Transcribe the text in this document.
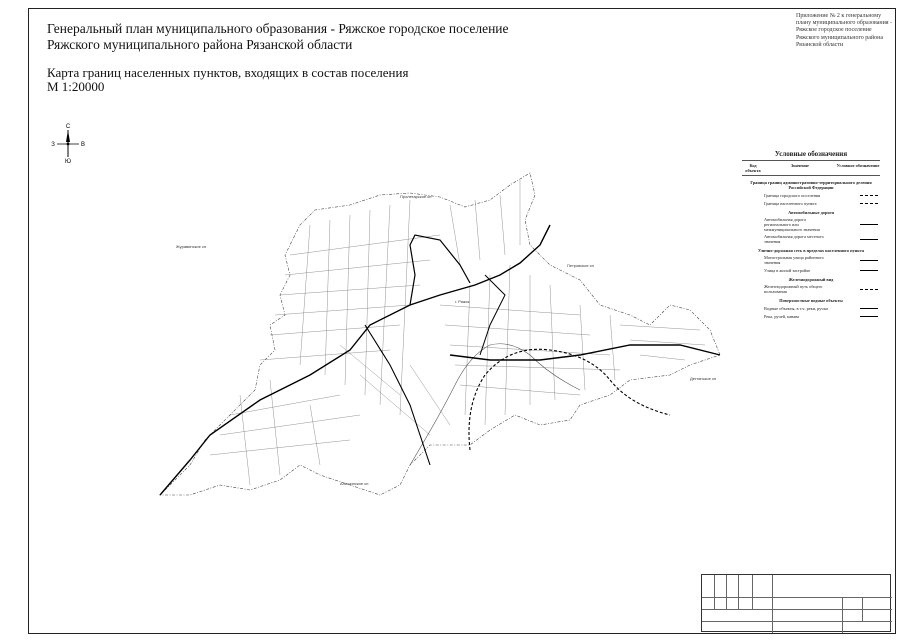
Генеральный план муниципального образования - Ряжское городское поселение
Ряжского муниципального района Рязанской области
Карта границ населенных пунктов, входящих в состав поселения
М 1:20000
Приложение № 2 к генеральному
плану муниципального образования -
Ряжское городское поселение
Ряжского муниципального района
Рязанской области
С
Ю
З	В
Пролетарское сп
Журавинское сп
Петровское сп
Дегтянское сп
Алешинское сп
г. Ряжск
Условные обозначения
Код объекта
Значение	Условное обозначение
Граница границ административно-территориального деления Российской Федерации
Граница городского поселения
Граница населенного пункта
Автомобильные дороги
Автомобильная дорога регионального или межмуниципального значения
Автомобильная дорога местного значения
Улично-дорожная сеть в пределах населенного пункта
Магистральная улица районного значения
Улица в жилой застройке
Железнодорожный вид
Железнодорожный путь общего пользования
Поверхностные водные объекты
Водные объекты, в т.ч. реки, ручьи
Река, ручей, канава
